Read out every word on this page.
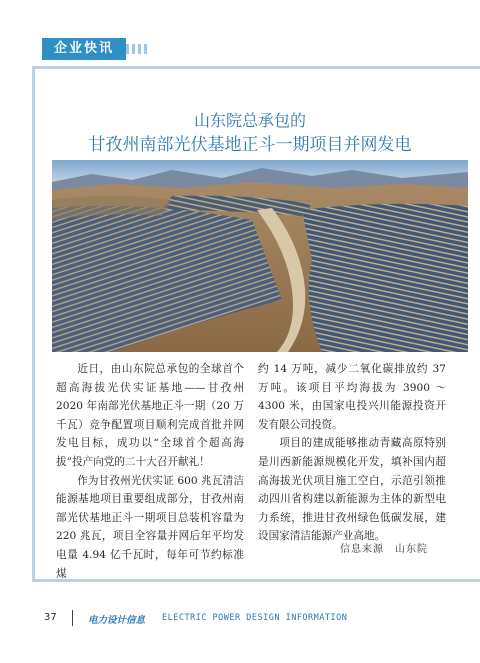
企业快讯
山东院总承包的
甘孜州南部光伏基地正斗一期项目并网发电

近日，由山东院总承包的全球首个超高海拔光伏实证基地——甘孜州 2020 年南部光伏基地正斗一期（20 万千瓦）竞争配置项目顺利完成首批并网发电目标，成功以“全球首个超高海拔”投产向党的二十大召开献礼！

作为甘孜州光伏实证 600 兆瓦清洁能源基地项目重要组成部分，甘孜州南部光伏基地正斗一期项目总装机容量为 220 兆瓦，项目全容量并网后年平均发电量 4.94 亿千瓦时，每年可节约标准煤

约 14 万吨，减少二氧化碳排放约 37 万吨。该项目平均海拔为 3900 ～ 4300 米，由国家电投兴川能源投资开发有限公司投资。

项目的建成能够推动青藏高原特别是川西新能源规模化开发，填补国内超高海拔光伏项目施工空白，示范引领推动四川省构建以新能源为主体的新型电力系统，推进甘孜州绿色低碳发展，建设国家清洁能源产业高地。

信息来源　山东院
37	电力设计信息 ELECTRIC POWER DESIGN INFORMATION
